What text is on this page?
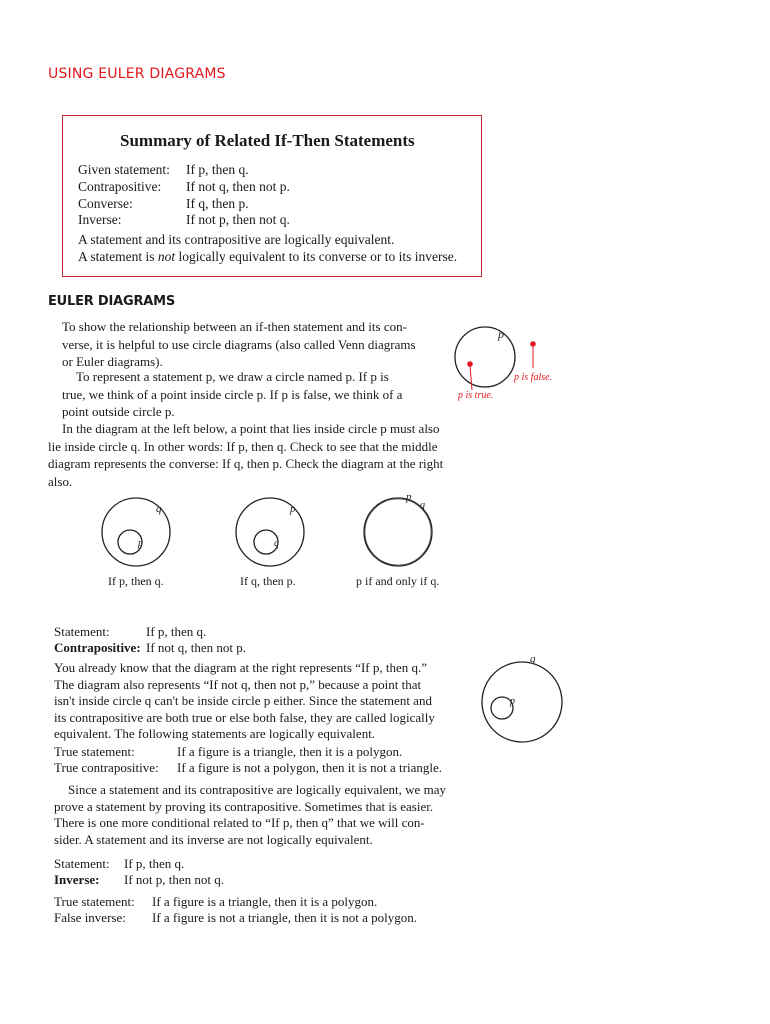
USING EULER DIAGRAMS
Summary of Related If-Then Statements
Given statement: If p, then q.
Contrapositive: If not q, then not p.
Converse:	If q, then p.
Inverse:	If not p, then not q.
A statement and its contrapositive are logically equivalent.
A statement is not logically equivalent to its converse or to its inverse.
EULER DIAGRAMS
To show the relationship between an if-then statement and its con-
verse, it is helpful to use circle diagrams (also called Venn diagrams
or Euler diagrams).
To represent a statement p, we draw a circle named p. If p is
true, we think of a point inside circle p. If p is false, we think of a
point outside circle p.
In the diagram at the left below, a point that lies inside circle p must also
lie inside circle q. In other words: If p, then q. Check to see that the middle
diagram represents the converse: If q, then p. Check the diagram at the right
also.
p
p is true.
p is false.
q
p
If p, then q.
p
q
If q, then p.
p
q
p if and only if q.
Statement:	If p, then q.
Contrapositive: If not q, then not p.
You already know that the diagram at the right represents “If p, then q.”
The diagram also represents “If not q, then not p,” because a point that
isn't inside circle q can't be inside circle p either. Since the statement and
its contrapositive are both true or else both false, they are called logically
equivalent. The following statements are logically equivalent.
q
p
True statement:	If a figure is a triangle, then it is a polygon.
True contrapositive: If a figure is not a polygon, then it is not a triangle.
Since a statement and its contrapositive are logically equivalent, we may
prove a statement by proving its contrapositive. Sometimes that is easier.
There is one more conditional related to “If p, then q” that we will con-
sider. A statement and its inverse are not logically equivalent.
Statement: If p, then q.
Inverse: If not p, then not q.
True statement: If a figure is a triangle, then it is a polygon.
False inverse: If a figure is not a triangle, then it is not a polygon.
